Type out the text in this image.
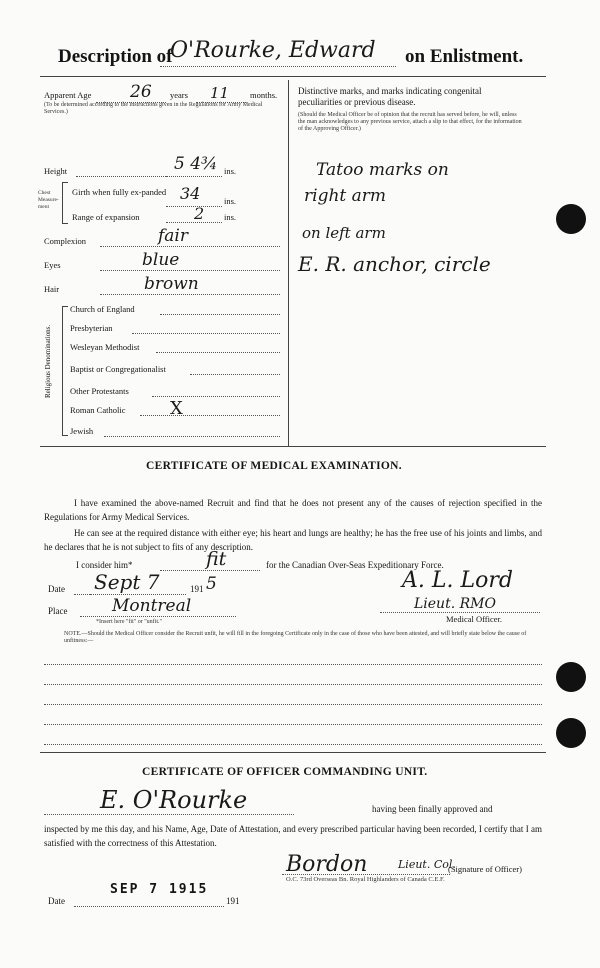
Description of
O'Rourke, Edward on Enlistment.
Apparent Age 26 years 11 months.
(To be determined according to the instructions given in the Regulations for Army Medical Services.)
Height	5 4¾ ins.
Chest Measure-ment
Girth when fully ex-panded 34	ins.
Range of expansion	2 ins.
Complexion	fair
Eyes	blue
Hair	brown
Religious Denominations.
Church of England
Presbyterian
Wesleyan Methodist
Baptist or Congregationalist
Other Protestants
Roman Catholic X
Jewish
Distinctive marks, and marks indicating congenital peculiarities or previous disease.
(Should the Medical Officer be of opinion that the recruit has served before, he will, unless the man acknowledges to any previous service, attach a slip to that effect, for the information of the Approving Officer.)
Tatoo marks on
right arm
on left arm
E. R. anchor, circle
CERTIFICATE OF MEDICAL EXAMINATION.
I have examined the above-named Recruit and find that he does not present any of the causes of rejection specified in the Regulations for Army Medical Services.
He can see at the required distance with either eye; his heart and lungs are healthy; he has the free use of his joints and limbs, and he declares that he is not subject to fits of any description.
I consider him*	fit	for the Canadian Over-Seas Expeditionary Force.
Date Sept 7	191 5
Place	Montreal
A. L. Lord
Lieut. RMO
Medical Officer.
*Insert here "fit" or "unfit."
NOTE.—Should the Medical Officer consider the Recruit unfit, he will fill in the foregoing Certificate only in the case of those who have been attested, and will briefly state below the cause of unfitness:—
CERTIFICATE OF OFFICER COMMANDING UNIT.
E. O'Rourke	having been finally approved and
inspected by me this day, and his Name, Age, Date of Attestation, and every prescribed particular having been recorded, I certify that I am satisfied with the correctness of this Attestation.
Bordon	Lieut. Col.
(Signature of Officer)
O.C. 73rd Overseas Bn. Royal Highlanders of Canada C.E.F.
SEP 7 1915
Date	191
